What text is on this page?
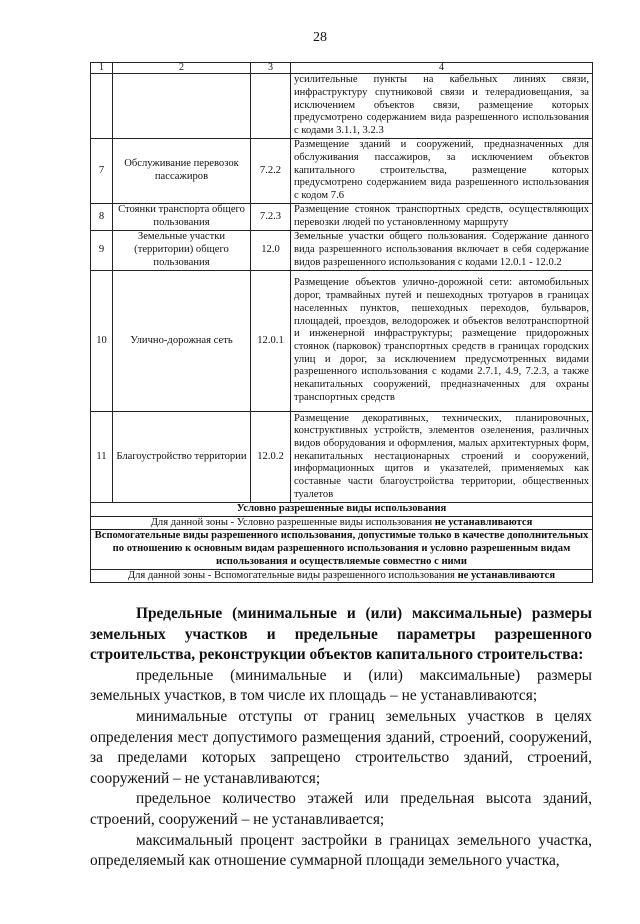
28
1	2	3	4
			усилительные пункты на кабельных линиях связи, инфраструктуру спутниковой связи и телерадиовещания, за исключением объектов связи, размещение которых предусмотрено содержанием вида разрешенного использования с кодами 3.1.1, 3.2.3
7	Обслуживание перевозок пассажиров	7.2.2	Размещение зданий и сооружений, предназначенных для обслуживания пассажиров, за исключением объектов капитального строительства, размещение которых предусмотрено содержанием вида разрешенного использования с кодом 7.6
8	Стоянки транспорта общего пользования	7.2.3	Размещение стоянок транспортных средств, осуществляющих перевозки людей по установленному маршруту
9	Земельные участки (территории) общего пользования	12.0	Земельные участки общего пользования. Содержание данного вида разрешенного использования включает в себя содержание видов разрешенного использования с кодами 12.0.1 - 12.0.2
10	Улично-дорожная сеть	12.0.1	Размещение объектов улично-дорожной сети: автомобильных дорог, трамвайных путей и пешеходных тротуаров в границах населенных пунктов, пешеходных переходов, бульваров, площадей, проездов, велодорожек и объектов велотранспортной и инженерной инфраструктуры; размещение придорожных стоянок (парковок) транспортных средств в границах городских улиц и дорог, за исключением предусмотренных видами разрешенного использования с кодами 2.7.1, 4.9, 7.2.3, а также некапитальных сооружений, предназначенных для охраны транспортных средств
11	Благоустройство территории	12.0.2	Размещение декоративных, технических, планировочных, конструктивных устройств, элементов озеленения, различных видов оборудования и оформления, малых архитектурных форм, некапитальных нестационарных строений и сооружений, информационных щитов и указателей, применяемых как составные части благоустройства территории, общественных туалетов
Условно разрешенные виды использования			
Для данной зоны - Условно разрешенные виды использования не устанавливаются			
Вспомогательные виды разрешенного использования, допустимые только в качестве дополнительных по отношению к основным видам разрешенного использования и условно разрешенным видам использования и осуществляемые совместно с ними			
Для данной зоны - Вспомогательные виды разрешенного использования не устанавливаются			

Предельные (минимальные и (или) максимальные) размеры земельных участков и предельные параметры разрешенного строительства, реконструкции объектов капитального строительства:

предельные (минимальные и (или) максимальные) размеры земельных участков, в том числе их площадь – не устанавливаются;

минимальные отступы от границ земельных участков в целях определения мест допустимого размещения зданий, строений, сооружений, за пределами которых запрещено строительство зданий, строений, сооружений – не устанавливаются;

предельное количество этажей или предельная высота зданий, строений, сооружений – не устанавливается;

максимальный процент застройки в границах земельного участка, определяемый как отношение суммарной площади земельного участка,
